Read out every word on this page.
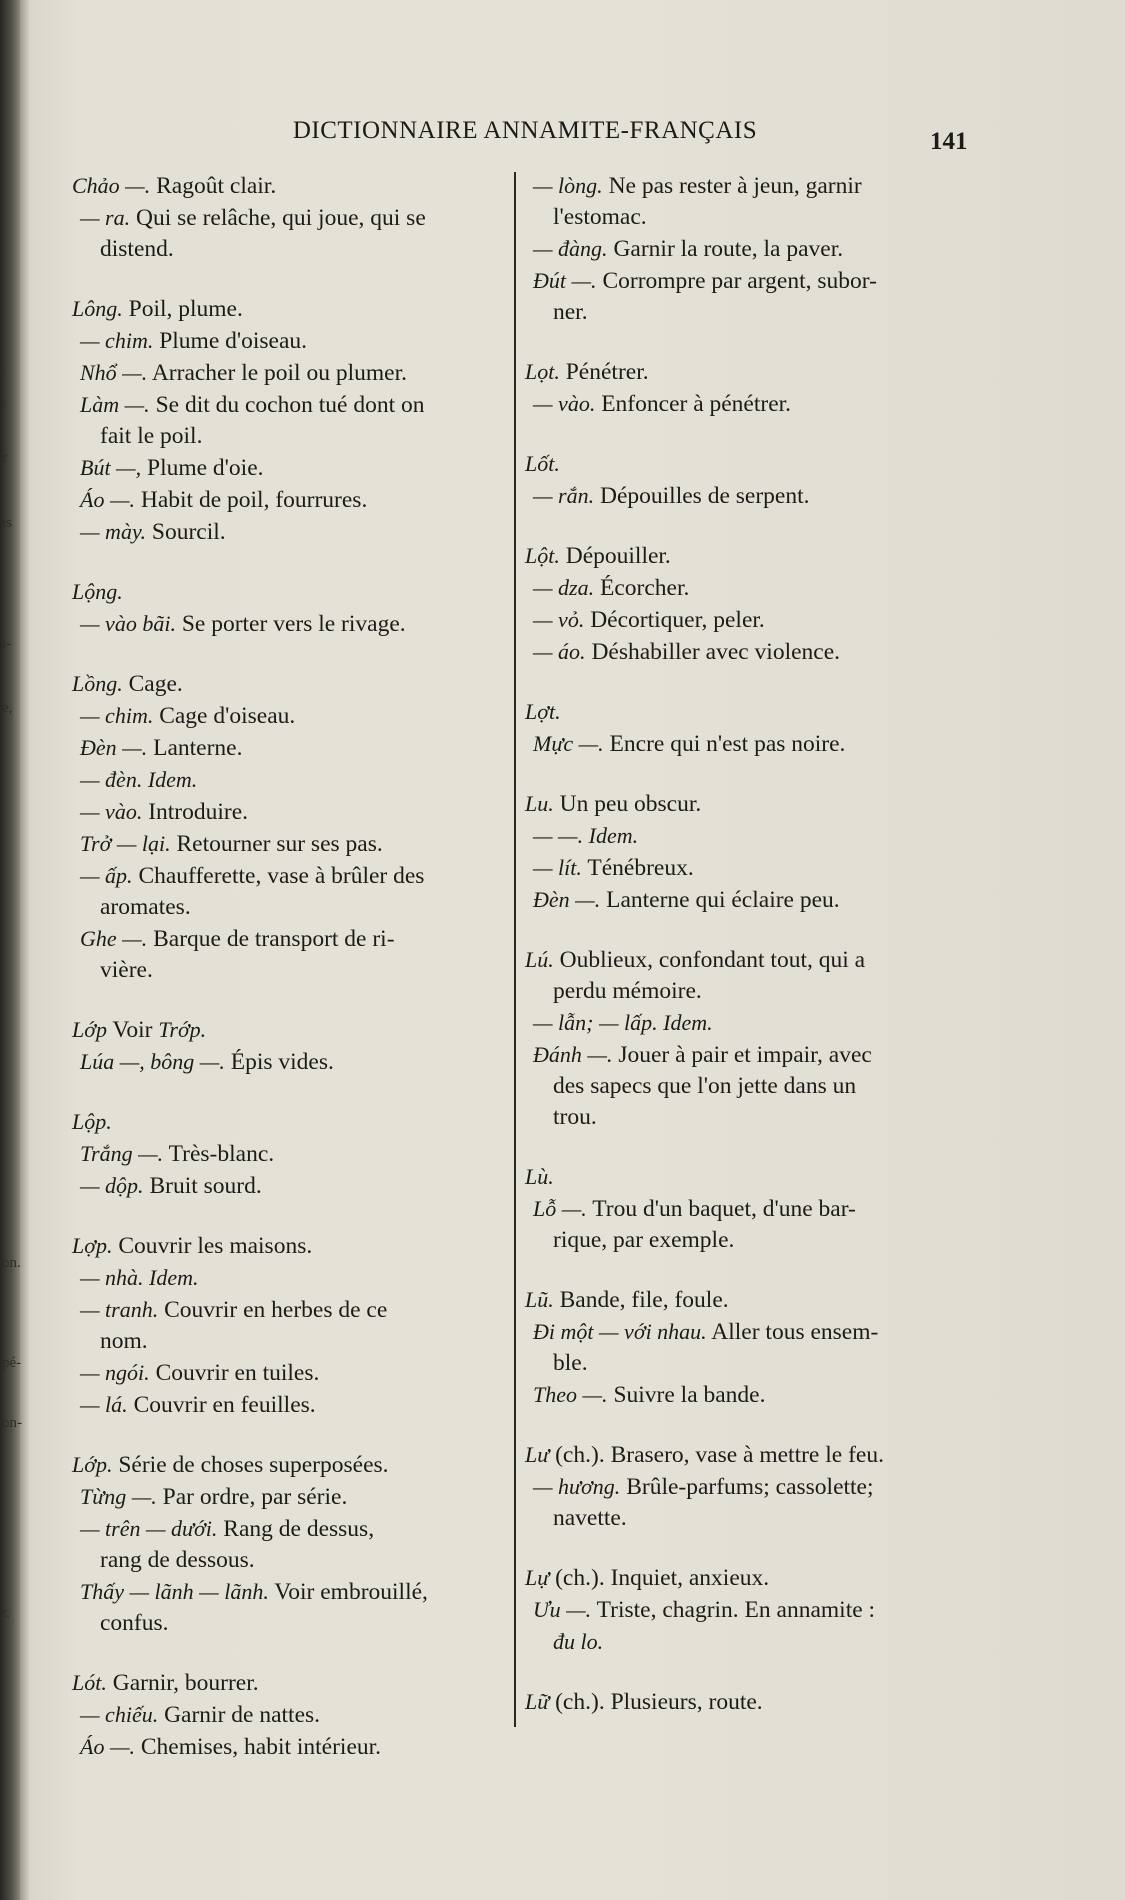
.
,
r
ıs
ı-
e,
on.
pé-
on-
r.
DICTIONNAIRE ANNAMITE-FRANÇAIS	141
Chảo —. Ragoût clair.
— ra. Qui se relâche, qui joue, qui se
distend.
Lông. Poil, plume.
— chim. Plume d'oiseau.
Nhổ —. Arracher le poil ou plumer.
Làm —. Se dit du cochon tué dont on
fait le poil.
Bút —, Plume d'oie.
Áo —. Habit de poil, fourrures.
— mày. Sourcil.
Lộng.
— vào bãi. Se porter vers le rivage.
Lồng. Cage.
— chim. Cage d'oiseau.
Đèn —. Lanterne.
— đèn. Idem.
— vào. Introduire.
Trở — lại. Retourner sur ses pas.
— ấp. Chaufferette, vase à brûler des
aromates.
Ghe —. Barque de transport de ri-
vière.
Lớp Voir Trớp.
Lúa —, bông —. Épis vides.
Lộp.
Trắng —. Très-blanc.
— dộp. Bruit sourd.
Lợp. Couvrir les maisons.
— nhà. Idem.
— tranh. Couvrir en herbes de ce
nom.
— ngói. Couvrir en tuiles.
— lá. Couvrir en feuilles.
Lớp. Série de choses superposées.
Từng —. Par ordre, par série.
— trên — dưới. Rang de dessus,
rang de dessous.
Thấy — lãnh — lãnh. Voir embrouillé,
confus.
Lót. Garnir, bourrer.
— chiếu. Garnir de nattes.
Áo —. Chemises, habit intérieur.
— lòng. Ne pas rester à jeun, garnir
l'estomac.
— đàng. Garnir la route, la paver.
Đút —. Corrompre par argent, subor-
ner.
Lọt. Pénétrer.
— vào. Enfoncer à pénétrer.
Lốt.
— rắn. Dépouilles de serpent.
Lột. Dépouiller.
— dza. Écorcher.
— vỏ. Décortiquer, peler.
— áo. Déshabiller avec violence.
Lợt.
Mực —. Encre qui n'est pas noire.
Lu. Un peu obscur.
— —. Idem.
— lít. Ténébreux.
Đèn —. Lanterne qui éclaire peu.
Lú. Oublieux, confondant tout, qui a
perdu mémoire.
— lẫn; — lấp. Idem.
Đánh —. Jouer à pair et impair, avec
des sapecs que l'on jette dans un
trou.
Lù.
Lỗ —. Trou d'un baquet, d'une bar-
rique, par exemple.
Lũ. Bande, file, foule.
Đi một — với nhau. Aller tous ensem-
ble.
Theo —. Suivre la bande.
Lư (ch.). Brasero, vase à mettre le feu.
— hương. Brûle-parfums; cassolette;
navette.
Lự (ch.). Inquiet, anxieux.
Ưu —. Triste, chagrin. En annamite :
đu lo.
Lữ (ch.). Plusieurs, route.
